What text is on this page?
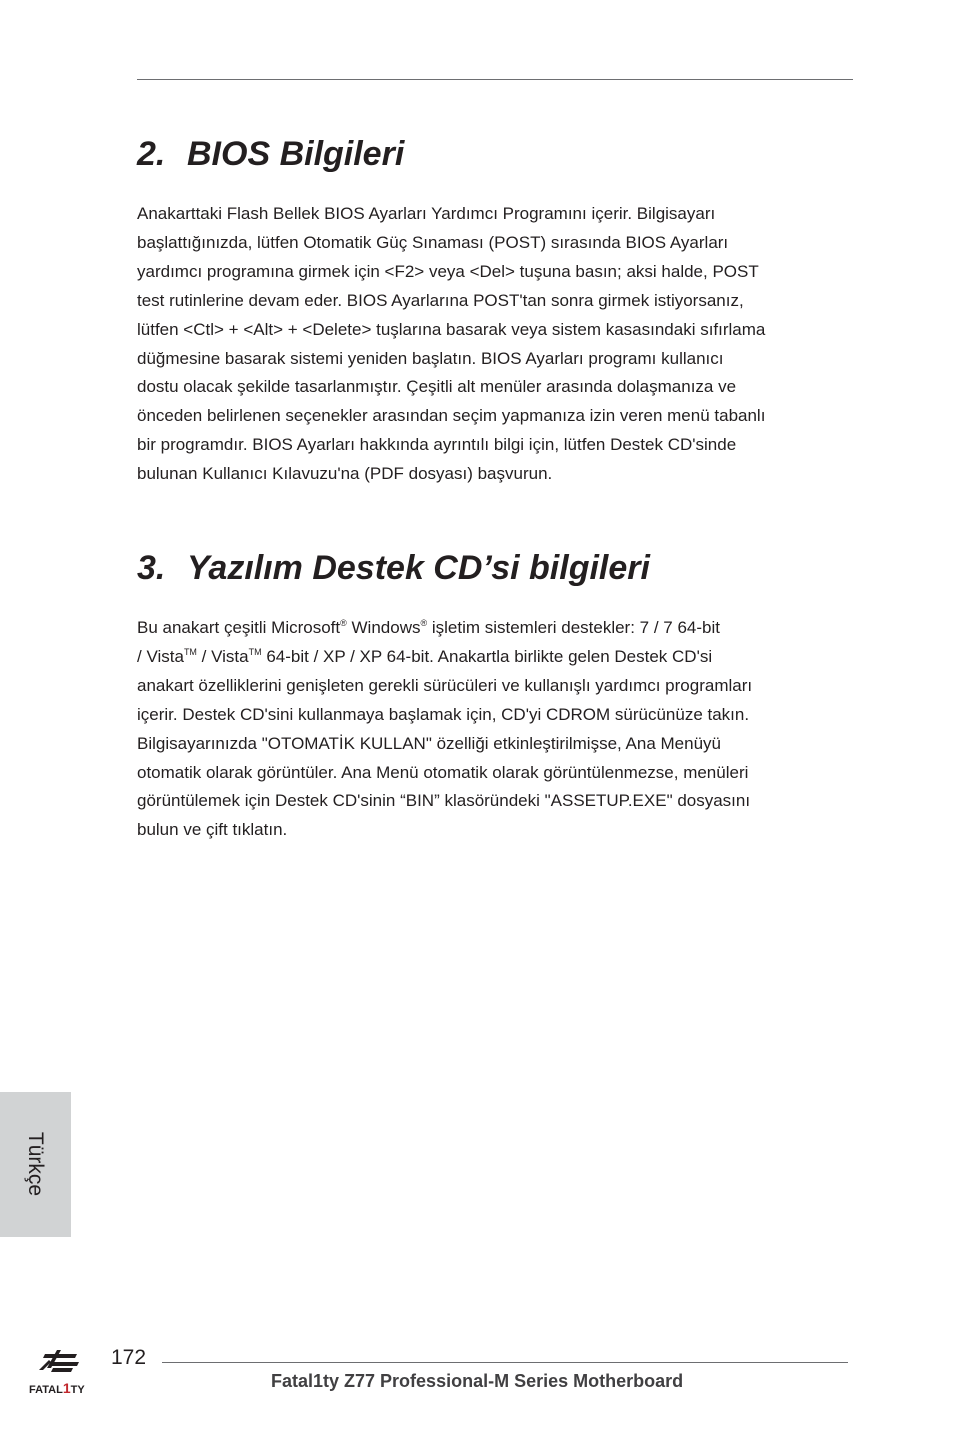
2. BIOS Bilgileri

Anakarttaki Flash Bellek BIOS Ayarları Yardımcı Programını içerir. Bilgisayarı
başlattığınızda, lütfen Otomatik Güç Sınaması (POST) sırasında BIOS Ayarları
yardımcı programına girmek için <F2> veya <Del> tuşuna basın; aksi halde, POST
test rutinlerine devam eder. BIOS Ayarlarına POST'tan sonra girmek istiyorsanız,
lütfen <Ctl> + <Alt> + <Delete> tuşlarına basarak veya sistem kasasındaki sıfırlama
düğmesine basarak sistemi yeniden başlatın. BIOS Ayarları programı kullanıcı
dostu olacak şekilde tasarlanmıştır. Çeşitli alt menüler arasında dolaşmanıza ve
önceden belirlenen seçenekler arasından seçim yapmanıza izin veren menü tabanlı
bir programdır. BIOS Ayarları hakkında ayrıntılı bilgi için, lütfen Destek CD'sinde
bulunan Kullanıcı Kılavuzu'na (PDF dosyası) başvurun.

3. Yazılım Destek CD’si bilgileri

Bu anakart çeşitli Microsoft® Windows® işletim sistemleri destekler: 7 / 7 64-bit
/ Vista™ / Vista™ 64-bit / XP / XP 64-bit. Anakartla birlikte gelen Destek CD'si
anakart özelliklerini genişleten gerekli sürücüleri ve kullanışlı yardımcı programları
içerir. Destek CD'sini kullanmaya başlamak için, CD'yi CDROM sürücünüze takın.
Bilgisayarınızda "OTOMATİK KULLAN" özelliği etkinleştirilmişse, Ana Menüyü
otomatik olarak görüntüler. Ana Menü otomatik olarak görüntülenmezse, menüleri
görüntülemek için Destek CD'sinin “BIN” klasöründeki "ASSETUP.EXE" dosyasını
bulun ve çift tıklatın.

Türkçe
FATAL1TY
172
Fatal1ty Z77 Professional-M Series Motherboard
